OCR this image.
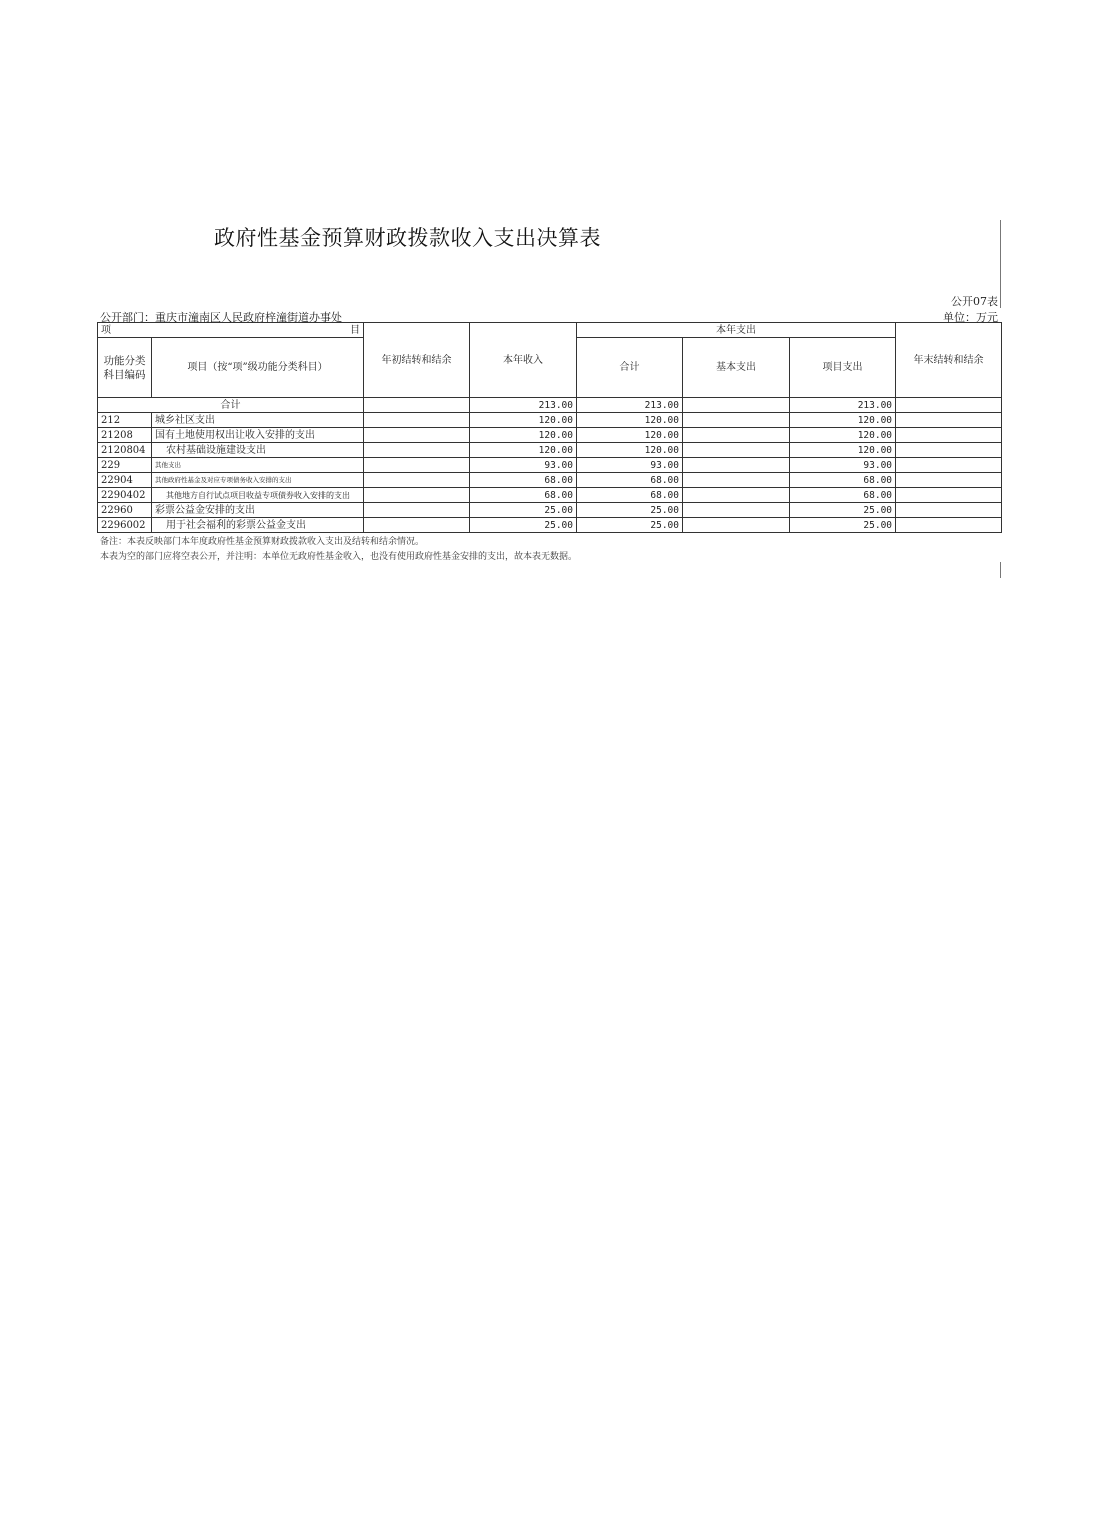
政府性基金预算财政拨款收入支出决算表
公开07表
公开部门：重庆市潼南区人民政府梓潼街道办事处	单位：万元
项 目		年初结转和结余	本年收入	本年支出			年末结转和结余
功能分类科目编码	项目（按“项”级功能分类科目）			合计	基本支出	项目支出	
合计			213.00	213.00		213.00	
212	城乡社区支出		120.00	120.00		120.00	
21208	国有土地使用权出让收入安排的支出		120.00	120.00		120.00	
2120804	农村基础设施建设支出		120.00	120.00		120.00	
229	其他支出		93.00	93.00		93.00	
22904	其他政府性基金及对应专项债务收入安排的支出		68.00	68.00		68.00	
2290402	其他地方自行试点项目收益专项债券收入安排的支出		68.00	68.00		68.00	
22960	彩票公益金安排的支出		25.00	25.00		25.00	
2296002	用于社会福利的彩票公益金支出		25.00	25.00		25.00	
备注：本表反映部门本年度政府性基金预算财政拨款收入支出及结转和结余情况。
本表为空的部门应将空表公开，并注明：本单位无政府性基金收入，也没有使用政府性基金安排的支出，故本表无数据。
